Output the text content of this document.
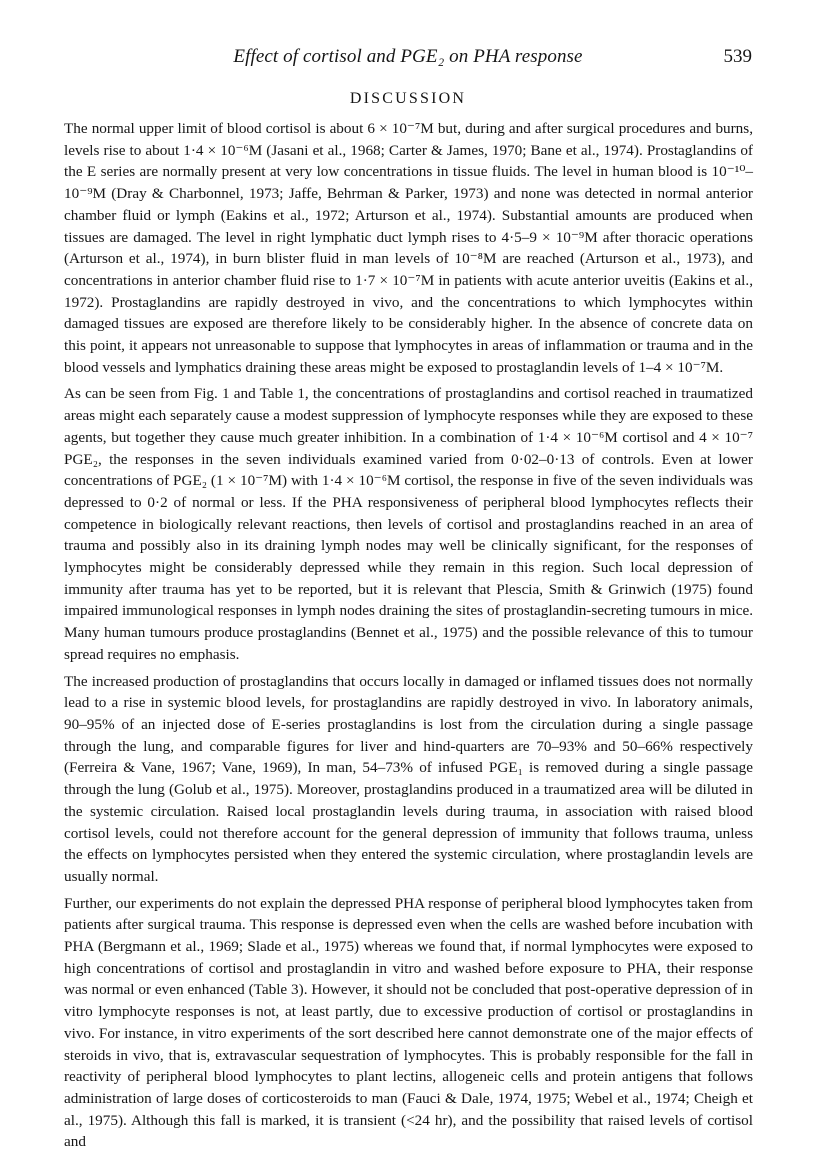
Effect of cortisol and PGE₂ on PHA response	539
DISCUSSION

The normal upper limit of blood cortisol is about 6 × 10⁻⁷M but, during and after surgical procedures and burns, levels rise to about 1·4 × 10⁻⁶M (Jasani et al., 1968; Carter & James, 1970; Bane et al., 1974). Prostaglandins of the E series are normally present at very low concentrations in tissue fluids. The level in human blood is 10⁻¹⁰–10⁻⁹M (Dray & Charbonnel, 1973; Jaffe, Behrman & Parker, 1973) and none was detected in normal anterior chamber fluid or lymph (Eakins et al., 1972; Arturson et al., 1974). Substantial amounts are produced when tissues are damaged. The level in right lymphatic duct lymph rises to 4·5–9 × 10⁻⁹M after thoracic operations (Arturson et al., 1974), in burn blister fluid in man levels of 10⁻⁸M are reached (Arturson et al., 1973), and concentrations in anterior chamber fluid rise to 1·7 × 10⁻⁷M in patients with acute anterior uveitis (Eakins et al., 1972). Prostaglandins are rapidly destroyed in vivo, and the concentrations to which lymphocytes within damaged tissues are exposed are therefore likely to be considerably higher. In the absence of concrete data on this point, it appears not unreasonable to suppose that lymphocytes in areas of inflammation or trauma and in the blood vessels and lymphatics draining these areas might be exposed to prostaglandin levels of 1–4 × 10⁻⁷M.

As can be seen from Fig. 1 and Table 1, the concentrations of prostaglandins and cortisol reached in traumatized areas might each separately cause a modest suppression of lymphocyte responses while they are exposed to these agents, but together they cause much greater inhibition. In a combination of 1·4 × 10⁻⁶M cortisol and 4 × 10⁻⁷ PGE₂, the responses in the seven individuals examined varied from 0·02–0·13 of controls. Even at lower concentrations of PGE₂ (1 × 10⁻⁷M) with 1·4 × 10⁻⁶M cortisol, the response in five of the seven individuals was depressed to 0·2 of normal or less. If the PHA responsiveness of peripheral blood lymphocytes reflects their competence in biologically relevant reactions, then levels of cortisol and prostaglandins reached in an area of trauma and possibly also in its draining lymph nodes may well be clinically significant, for the responses of lymphocytes might be considerably depressed while they remain in this region. Such local depression of immunity after trauma has yet to be reported, but it is relevant that Plescia, Smith & Grinwich (1975) found impaired immunological responses in lymph nodes draining the sites of prostaglandin-secreting tumours in mice. Many human tumours produce prostaglandins (Bennet et al., 1975) and the possible relevance of this to tumour spread requires no emphasis.

The increased production of prostaglandins that occurs locally in damaged or inflamed tissues does not normally lead to a rise in systemic blood levels, for prostaglandins are rapidly destroyed in vivo. In laboratory animals, 90–95% of an injected dose of E-series prostaglandins is lost from the circulation during a single passage through the lung, and comparable figures for liver and hind-quarters are 70–93% and 50–66% respectively (Ferreira & Vane, 1967; Vane, 1969), In man, 54–73% of infused PGE₁ is removed during a single passage through the lung (Golub et al., 1975). Moreover, prostaglandins produced in a traumatized area will be diluted in the systemic circulation. Raised local prostaglandin levels during trauma, in association with raised blood cortisol levels, could not therefore account for the general depression of immunity that follows trauma, unless the effects on lymphocytes persisted when they entered the systemic circulation, where prostaglandin levels are usually normal.

Further, our experiments do not explain the depressed PHA response of peripheral blood lymphocytes taken from patients after surgical trauma. This response is depressed even when the cells are washed before incubation with PHA (Bergmann et al., 1969; Slade et al., 1975) whereas we found that, if normal lymphocytes were exposed to high concentrations of cortisol and prostaglandin in vitro and washed before exposure to PHA, their response was normal or even enhanced (Table 3). However, it should not be concluded that post-operative depression of in vitro lymphocyte responses is not, at least partly, due to excessive production of cortisol or prostaglandins in vivo. For instance, in vitro experiments of the sort described here cannot demonstrate one of the major effects of steroids in vivo, that is, extravascular sequestration of lymphocytes. This is probably responsible for the fall in reactivity of peripheral blood lymphocytes to plant lectins, allogeneic cells and protein antigens that follows administration of large doses of corticosteroids to man (Fauci & Dale, 1974, 1975; Webel et al., 1974; Cheigh et al., 1975). Although this fall is marked, it is transient (<24 hr), and the possibility that raised levels of cortisol and
